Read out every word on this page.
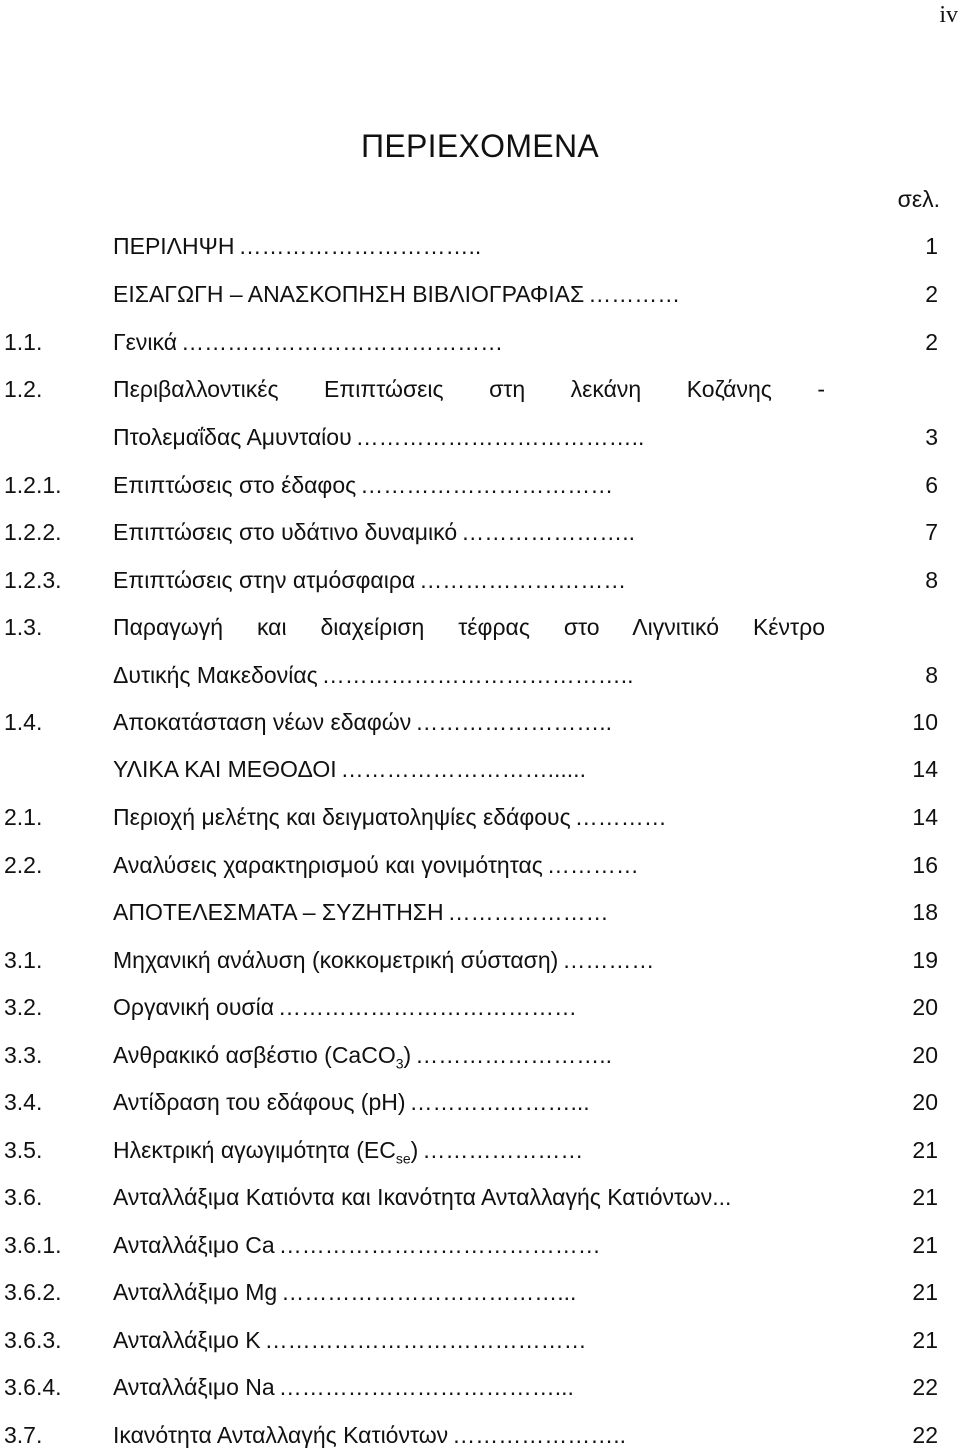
iv
ΠΕΡΙΕΧΟΜΕΝΑ
σελ.
ΠΕΡΙΛΗΨΗ …………………………..	1
ΕΙΣΑΓΩΓΗ – ΑΝΑΣΚΟΠΗΣΗ ΒΙΒΛΙΟΓΡΑΦΙΑΣ …………	2
1.1.	Γενικά ……………………………………	2
1.2.	Περιβαλλοντικές Επιπτώσεις στη λεκάνη Κοζάνης -
Πτολεμαΐδας Αμυνταίου ………………………………..	3
1.2.1. Επιπτώσεις στο έδαφος ……………………………	6
1.2.2. Επιπτώσεις στο υδάτινο δυναμικό …………………..	7
1.2.3. Επιπτώσεις στην ατμόσφαιρα ………………………	8
1.3.	Παραγωγή και διαχείριση τέφρας στο Λιγνιτικό Κέντρο
Δυτικής Μακεδονίας …………………………………..	8
1.4.	Αποκατάσταση νέων εδαφών ……………………..	10
ΥΛΙΚΑ ΚΑΙ ΜΕΘΟΔΟΙ ………………………......	14
2.1.	Περιοχή μελέτης και δειγματοληψίες εδάφους …………	14
2.2.	Αναλύσεις χαρακτηρισμού και γονιμότητας …………	16
ΑΠΟΤΕΛΕΣΜΑΤΑ – ΣΥΖΗΤΗΣΗ …………………	18
3.1.	Μηχανική ανάλυση (κοκκομετρική σύσταση) …………	19
3.2.	Οργανική ουσία …………………………………	20
3.3.	Ανθρακικό ασβέστιο (CaCO$_3$) ……………………..	20
3.4.	Αντίδραση του εδάφους (pH) …………………...	20
3.5.	Ηλεκτρική αγωγιμότητα $(EC_{se})$ …………………	21
3.6.	Ανταλλάξιμα Κατιόντα και Ικανότητα Ανταλλαγής Κατιόντων...	21
3.6.1. Ανταλλάξιμο Ca ……………………………………	21
3.6.2. Ανταλλάξιμο Mg ………………………………...	21
3.6.3. Ανταλλάξιμο K ……………………………………	21
3.6.4. Ανταλλάξιμο Na ………………………………...	22
3.7.	Ικανότητα Ανταλλαγής Κατιόντων …………………..	22
